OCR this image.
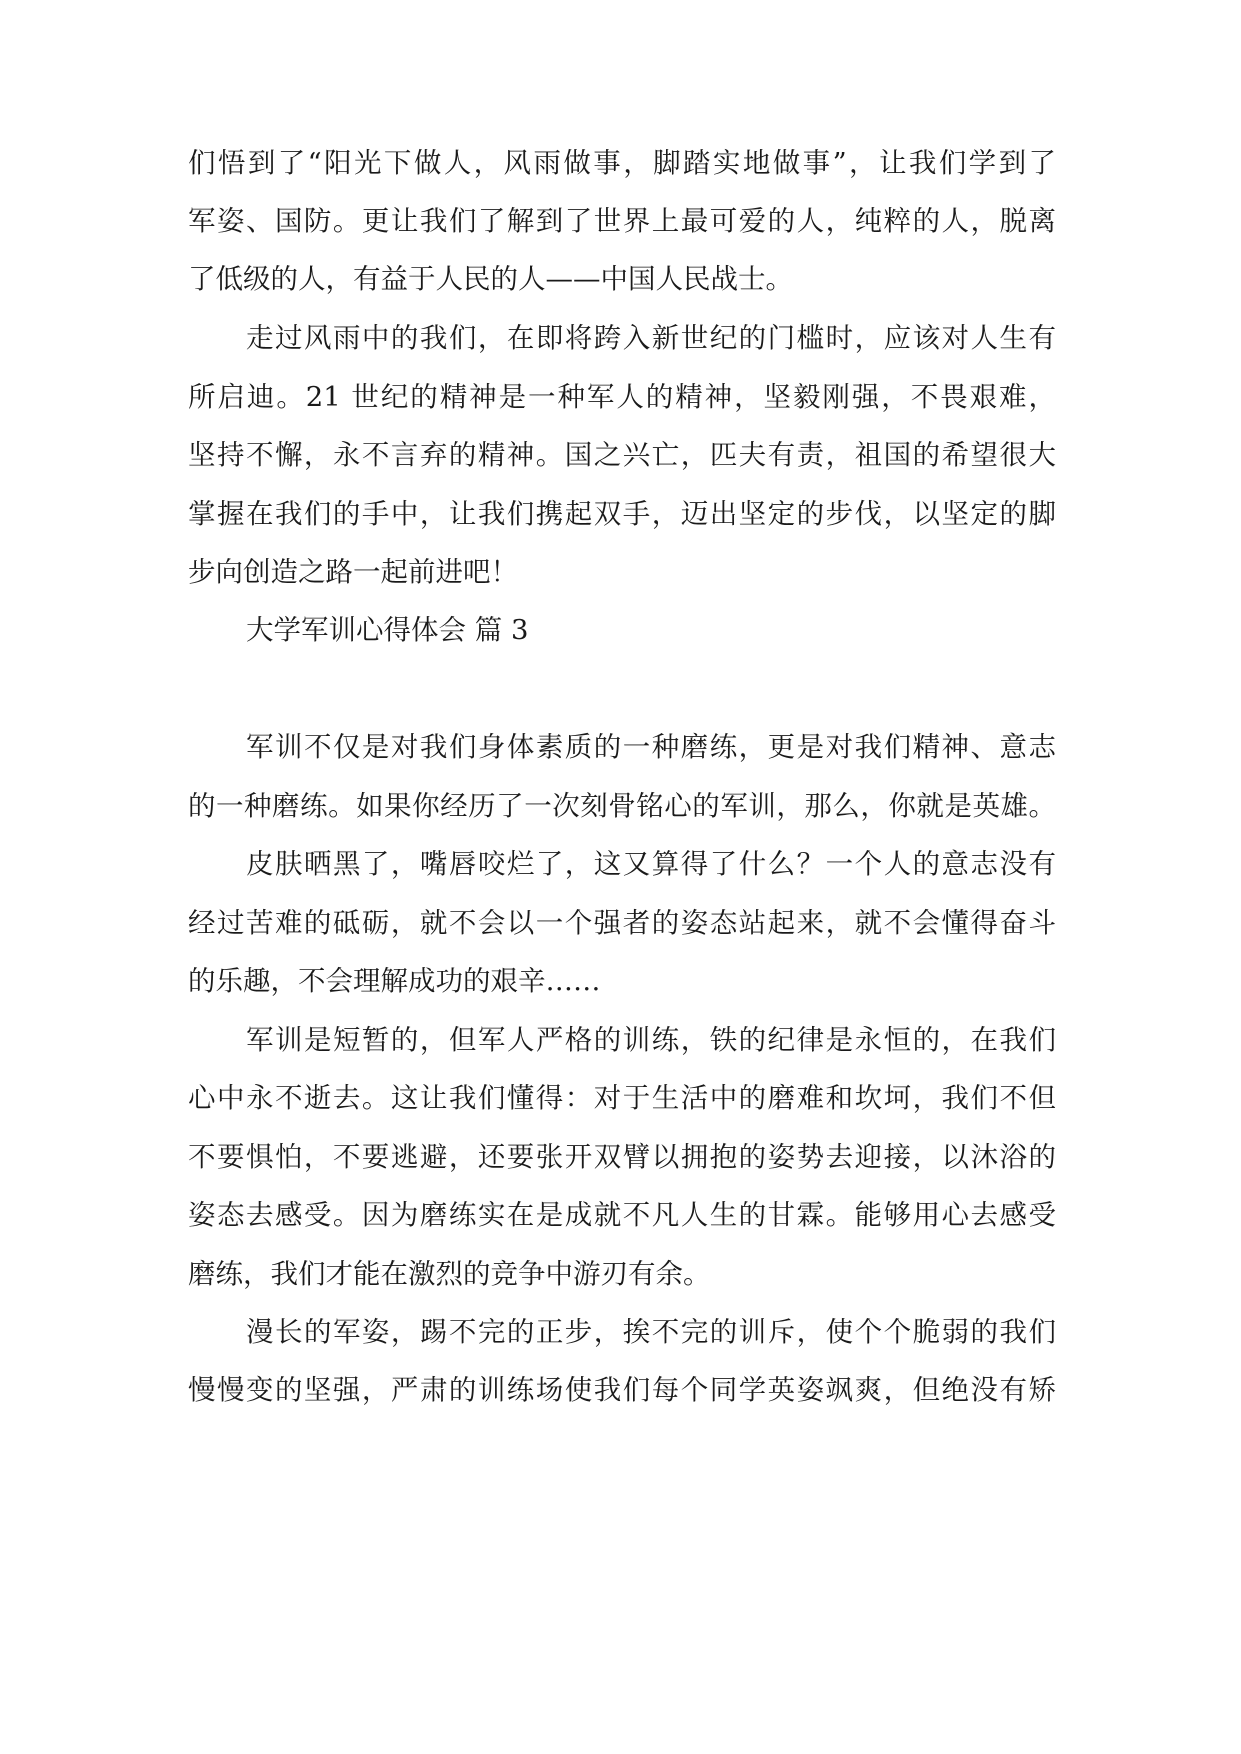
们悟到了“阳光下做人，风雨做事，脚踏实地做事”，让我们学到了
军姿、国防。更让我们了解到了世界上最可爱的人，纯粹的人，脱离
了低级的人，有益于人民的人——中国人民战士。
走过风雨中的我们，在即将跨入新世纪的门槛时，应该对人生有
所启迪。21 世纪的精神是一种军人的精神，坚毅刚强，不畏艰难，
坚持不懈，永不言弃的精神。国之兴亡，匹夫有责，祖国的希望很大
掌握在我们的手中，让我们携起双手，迈出坚定的步伐，以坚定的脚
步向创造之路一起前进吧！
大学军训心得体会 篇 3
军训不仅是对我们身体素质的一种磨练，更是对我们精神、意志
的一种磨练。如果你经历了一次刻骨铭心的军训，那么，你就是英雄。
皮肤晒黑了，嘴唇咬烂了，这又算得了什么？一个人的意志没有
经过苦难的砥砺，就不会以一个强者的姿态站起来，就不会懂得奋斗
的乐趣，不会理解成功的艰辛……
军训是短暂的，但军人严格的训练，铁的纪律是永恒的，在我们
心中永不逝去。这让我们懂得：对于生活中的磨难和坎坷，我们不但
不要惧怕，不要逃避，还要张开双臂以拥抱的姿势去迎接，以沐浴的
姿态去感受。因为磨练实在是成就不凡人生的甘霖。能够用心去感受
磨练，我们才能在激烈的竞争中游刃有余。
漫长的军姿，踢不完的正步，挨不完的训斥，使个个脆弱的我们
慢慢变的坚强，严肃的训练场使我们每个同学英姿飒爽，但绝没有矫
